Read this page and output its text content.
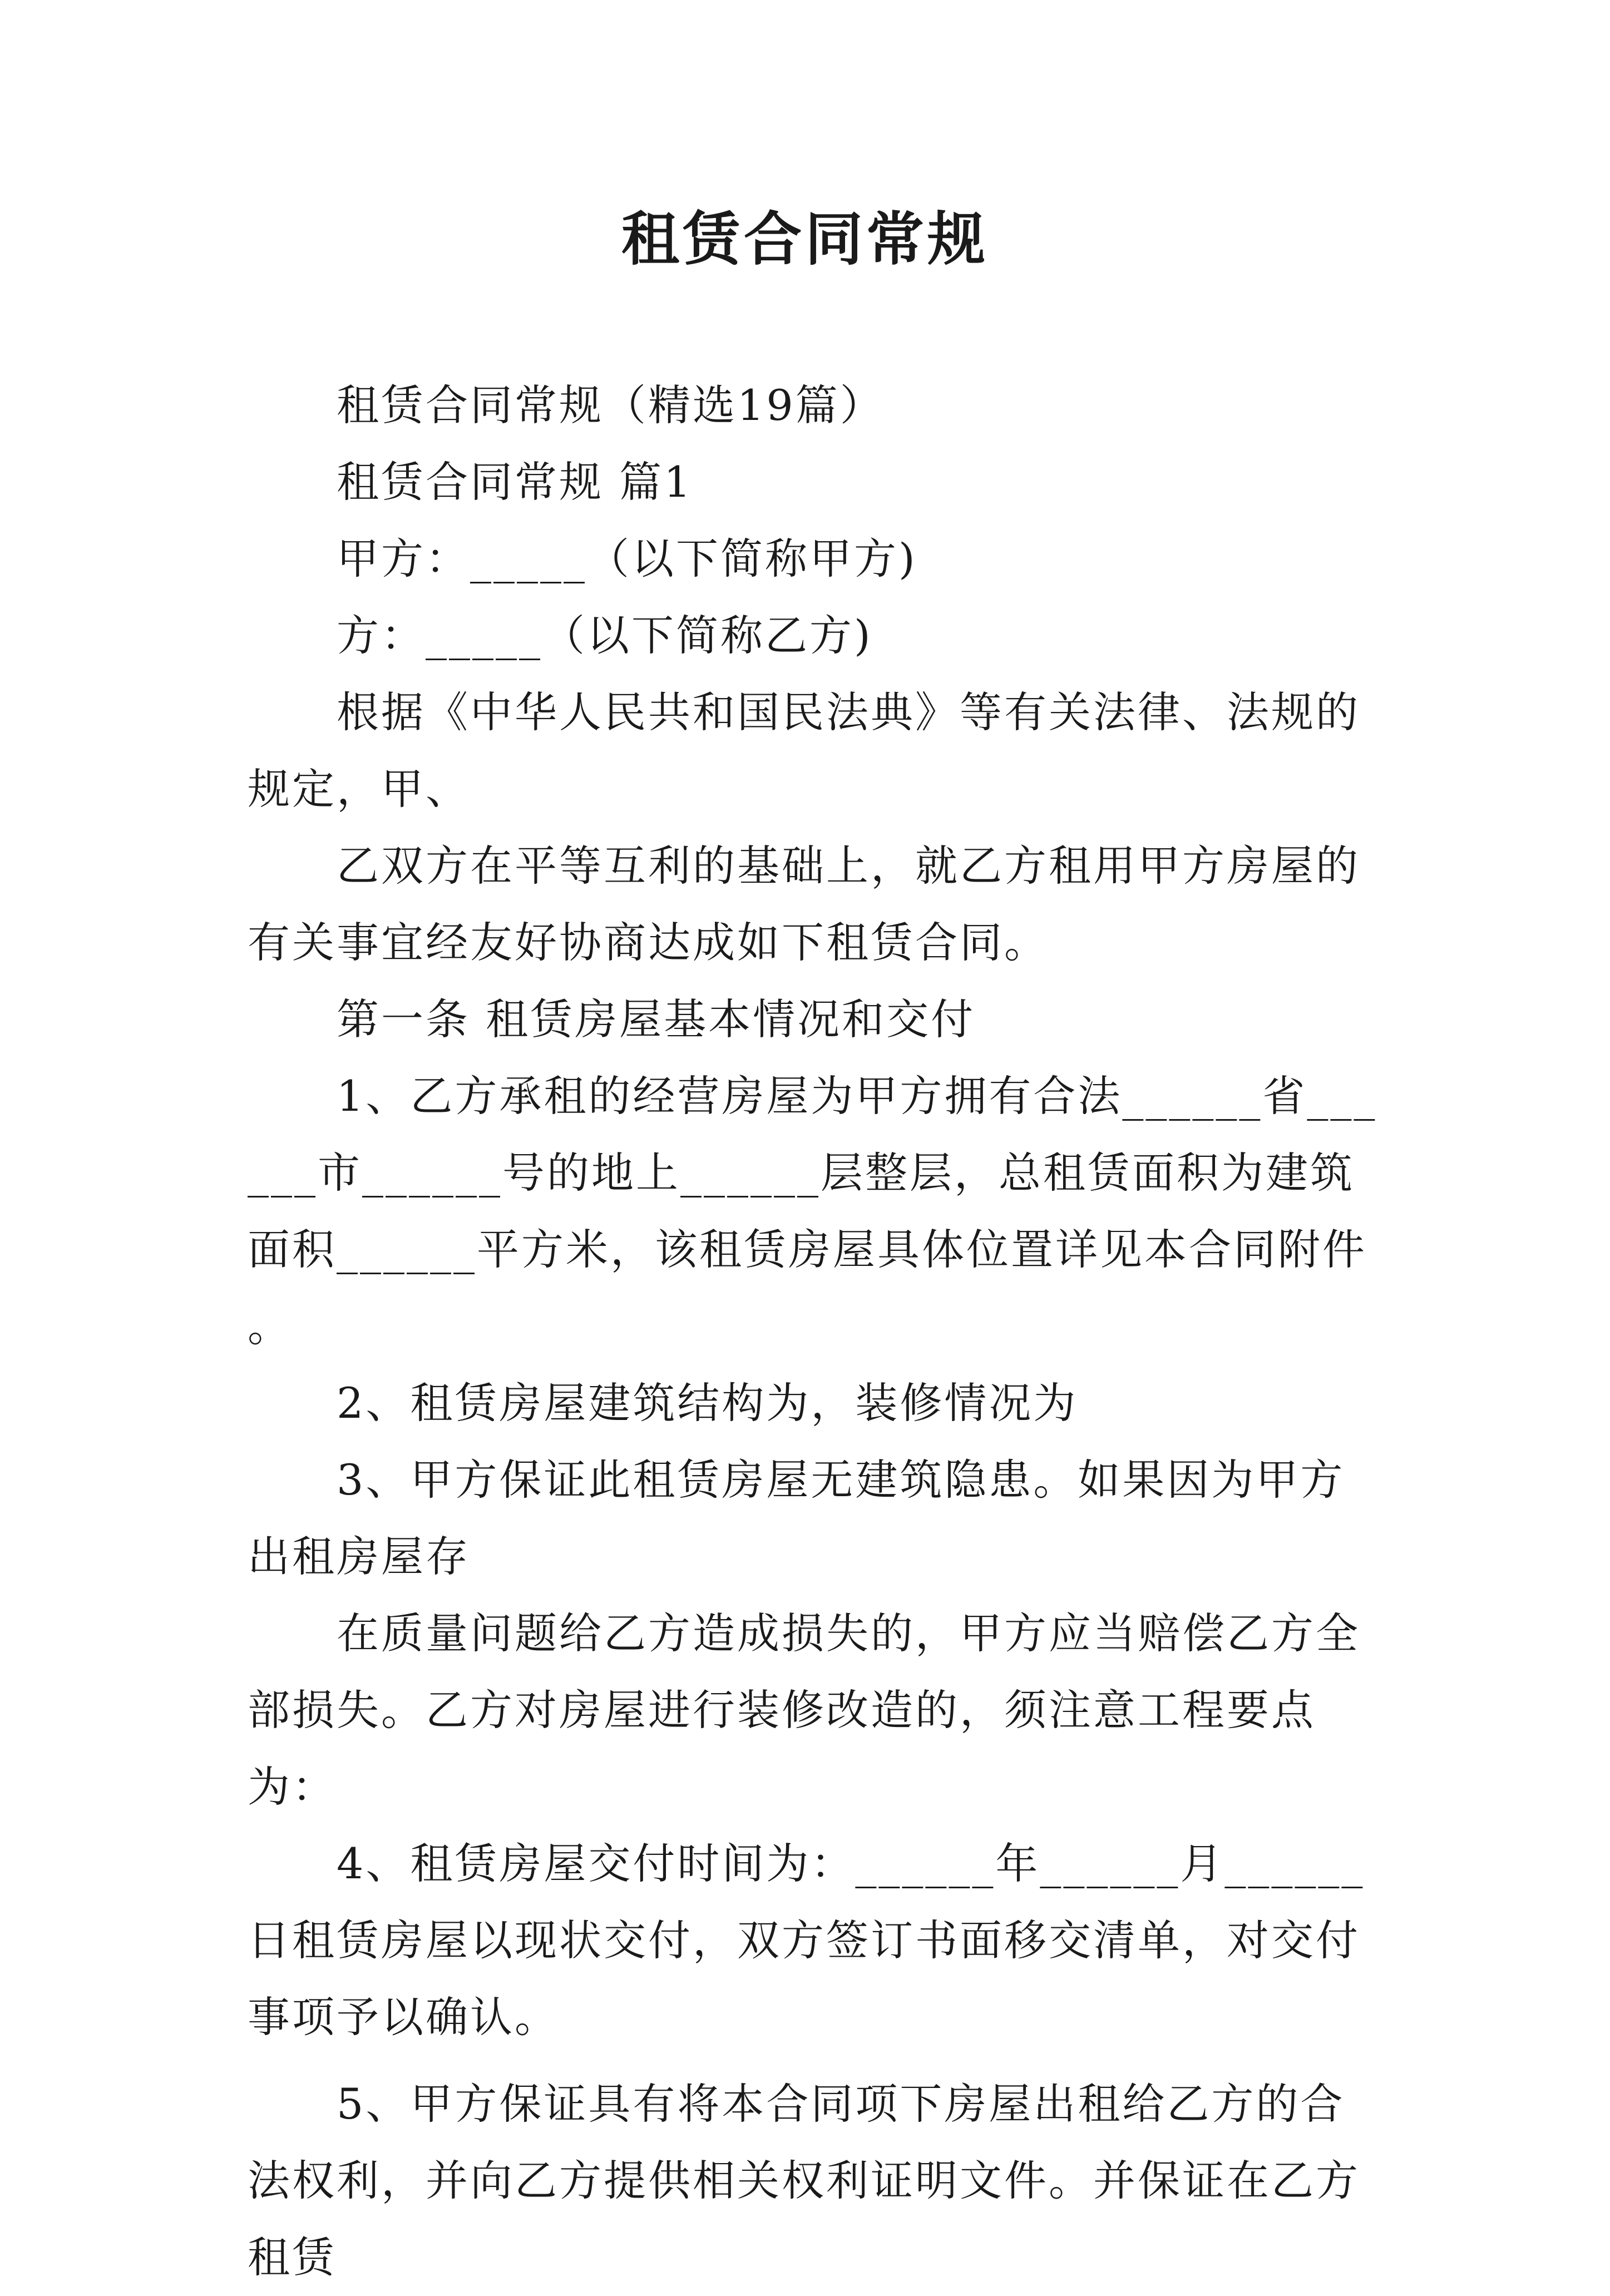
租赁合同常规

租赁合同常规（精选19篇）

租赁合同常规 篇1

甲方：_____（以下简称甲方)

方：_____（以下简称乙方)

根据《中华人民共和国民法典》等有关法律、法规的规定，甲、

乙双方在平等互利的基础上，就乙方租用甲方房屋的有关事宜经友好协商达成如下租赁合同。

第一条 租赁房屋基本情况和交付

1、乙方承租的经营房屋为甲方拥有合法______省______市______号的地上______层整层，总租赁面积为建筑面积______平方米，该租赁房屋具体位置详见本合同附件 。

2、租赁房屋建筑结构为，装修情况为

3、甲方保证此租赁房屋无建筑隐患。如果因为甲方出租房屋存

在质量问题给乙方造成损失的，甲方应当赔偿乙方全部损失。乙方对房屋进行装修改造的，须注意工程要点为：

4、租赁房屋交付时间为：______年______月______日租赁房屋以现状交付，双方签订书面移交清单，对交付事项予以确认。

5、甲方保证具有将本合同项下房屋出租给乙方的合法权利，并向乙方提供相关权利证明文件。并保证在乙方租赁
